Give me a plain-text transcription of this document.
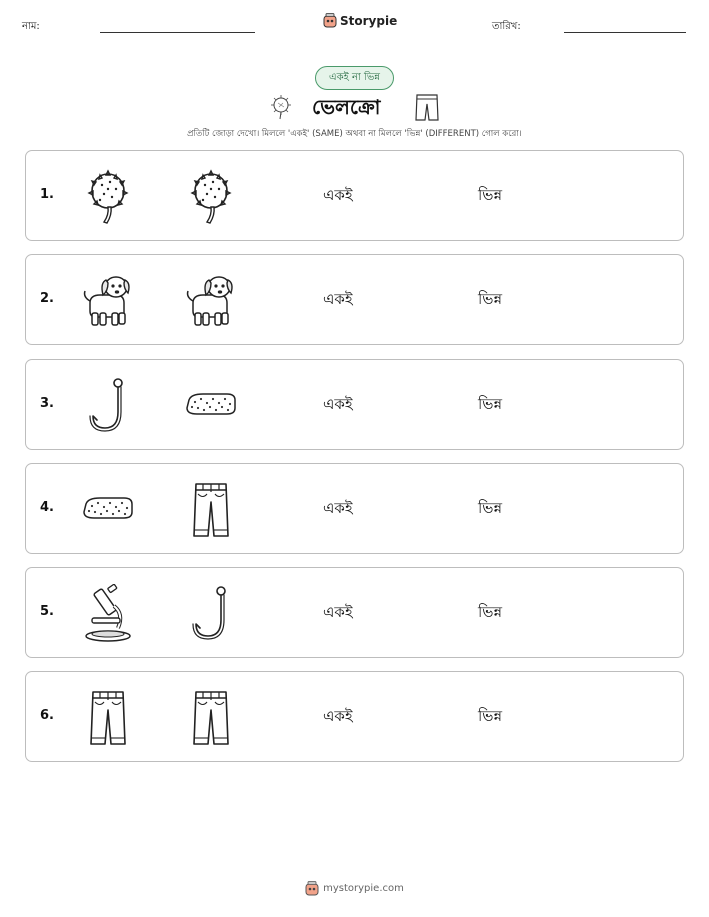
নাম:	Storypie	তারিখ:
একই না ভিন্ন
ভেলক্রো
প্রতিটি জোড়া দেখো। মিললে 'একই' (SAME) অথবা না মিললে 'ভিন্ন' (DIFFERENT) গোল করো।
1.	একই	ভিন্ন
2.	একই	ভিন্ন
3.	একই	ভিন্ন
4.	একই	ভিন্ন
5.	একই	ভিন্ন
6.	একই	ভিন্ন
mystorypie.com
